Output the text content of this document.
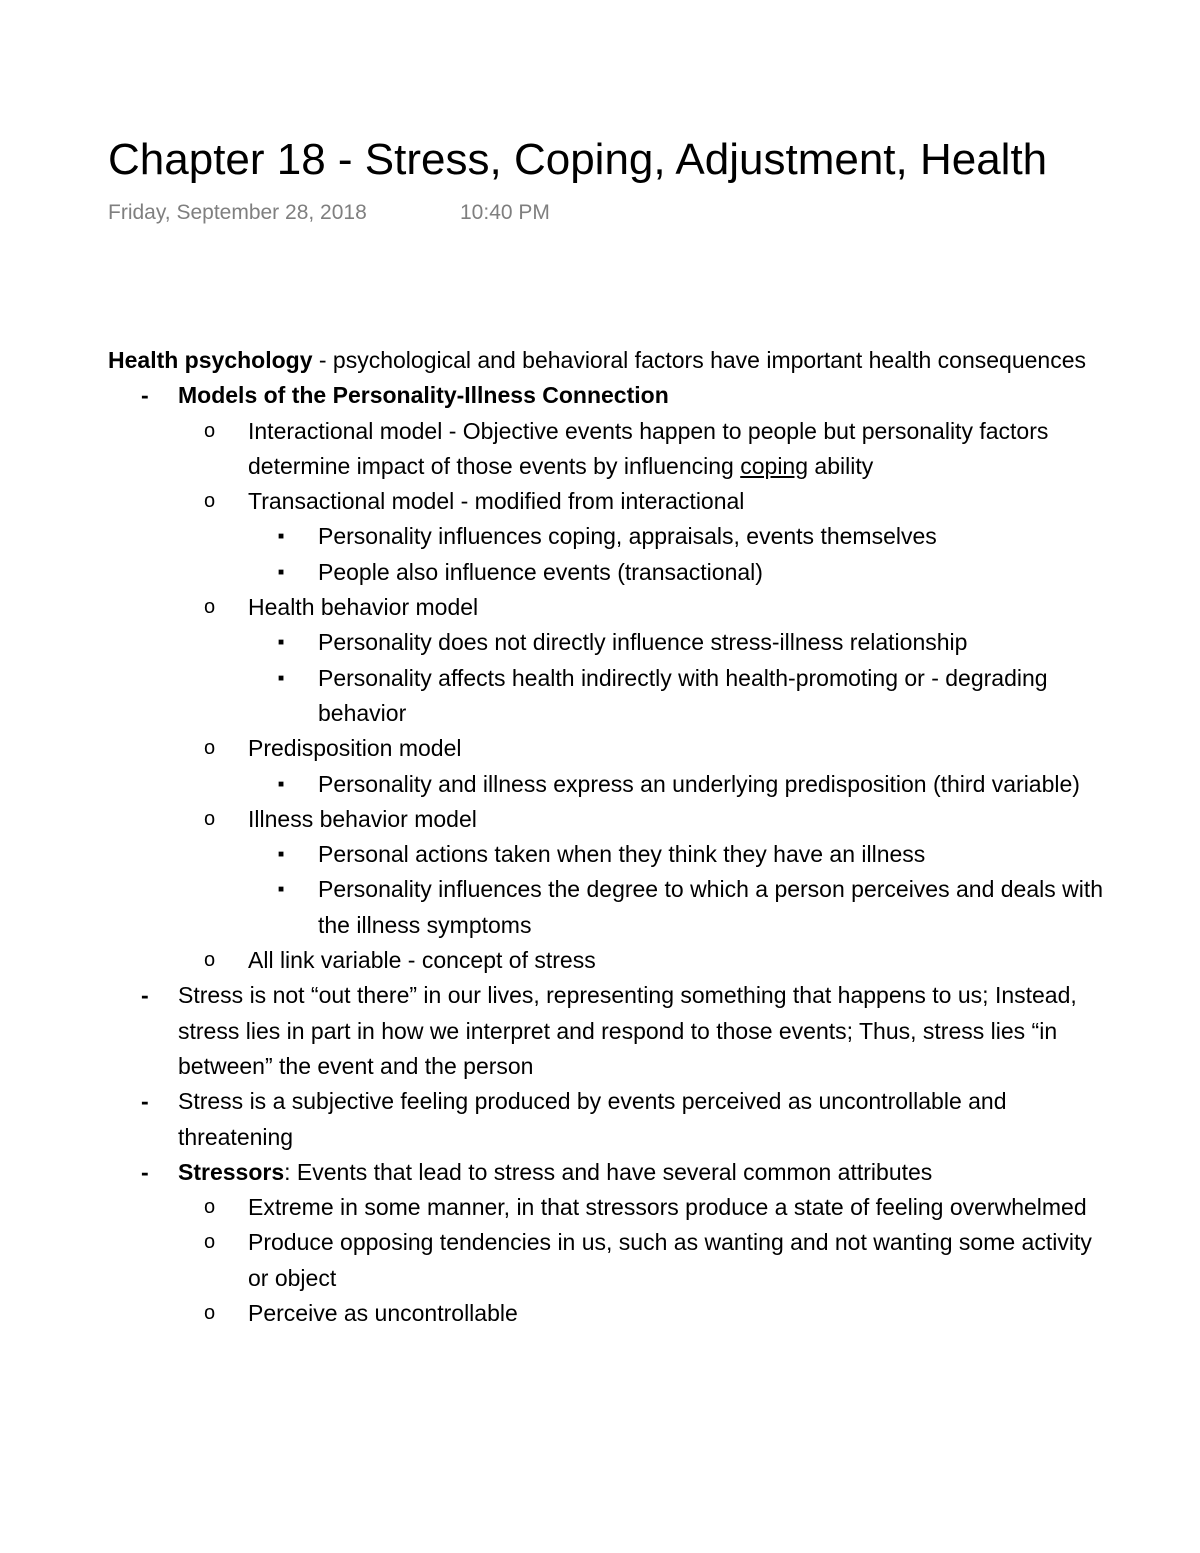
Chapter 18 - Stress, Coping, Adjustment, Health
Friday, September 28, 2018	10:40 PM

Health psychology - psychological and behavioral factors have important health consequences

- Models of the Personality-Illness Connection
o Interactional model - Objective events happen to people but personality factors determine impact of those events by influencing coping ability
o Transactional model - modified from interactional
■ Personality influences coping, appraisals, events themselves
■ People also influence events (transactional)
o Health behavior model
■ Personality does not directly influence stress-illness relationship
■ Personality affects health indirectly with health-promoting or - degrading behavior
o Predisposition model
■ Personality and illness express an underlying predisposition (third variable)
o Illness behavior model
■ Personal actions taken when they think they have an illness
■ Personality influences the degree to which a person perceives and deals with the illness symptoms
o All link variable - concept of stress
- Stress is not “out there” in our lives, representing something that happens to us; Instead, stress lies in part in how we interpret and respond to those events; Thus, stress lies “in between” the event and the person
- Stress is a subjective feeling produced by events perceived as uncontrollable and threatening
- Stressors: Events that lead to stress and have several common attributes
o Extreme in some manner, in that stressors produce a state of feeling overwhelmed
o Produce opposing tendencies in us, such as wanting and not wanting some activity or object
o Perceive as uncontrollable
